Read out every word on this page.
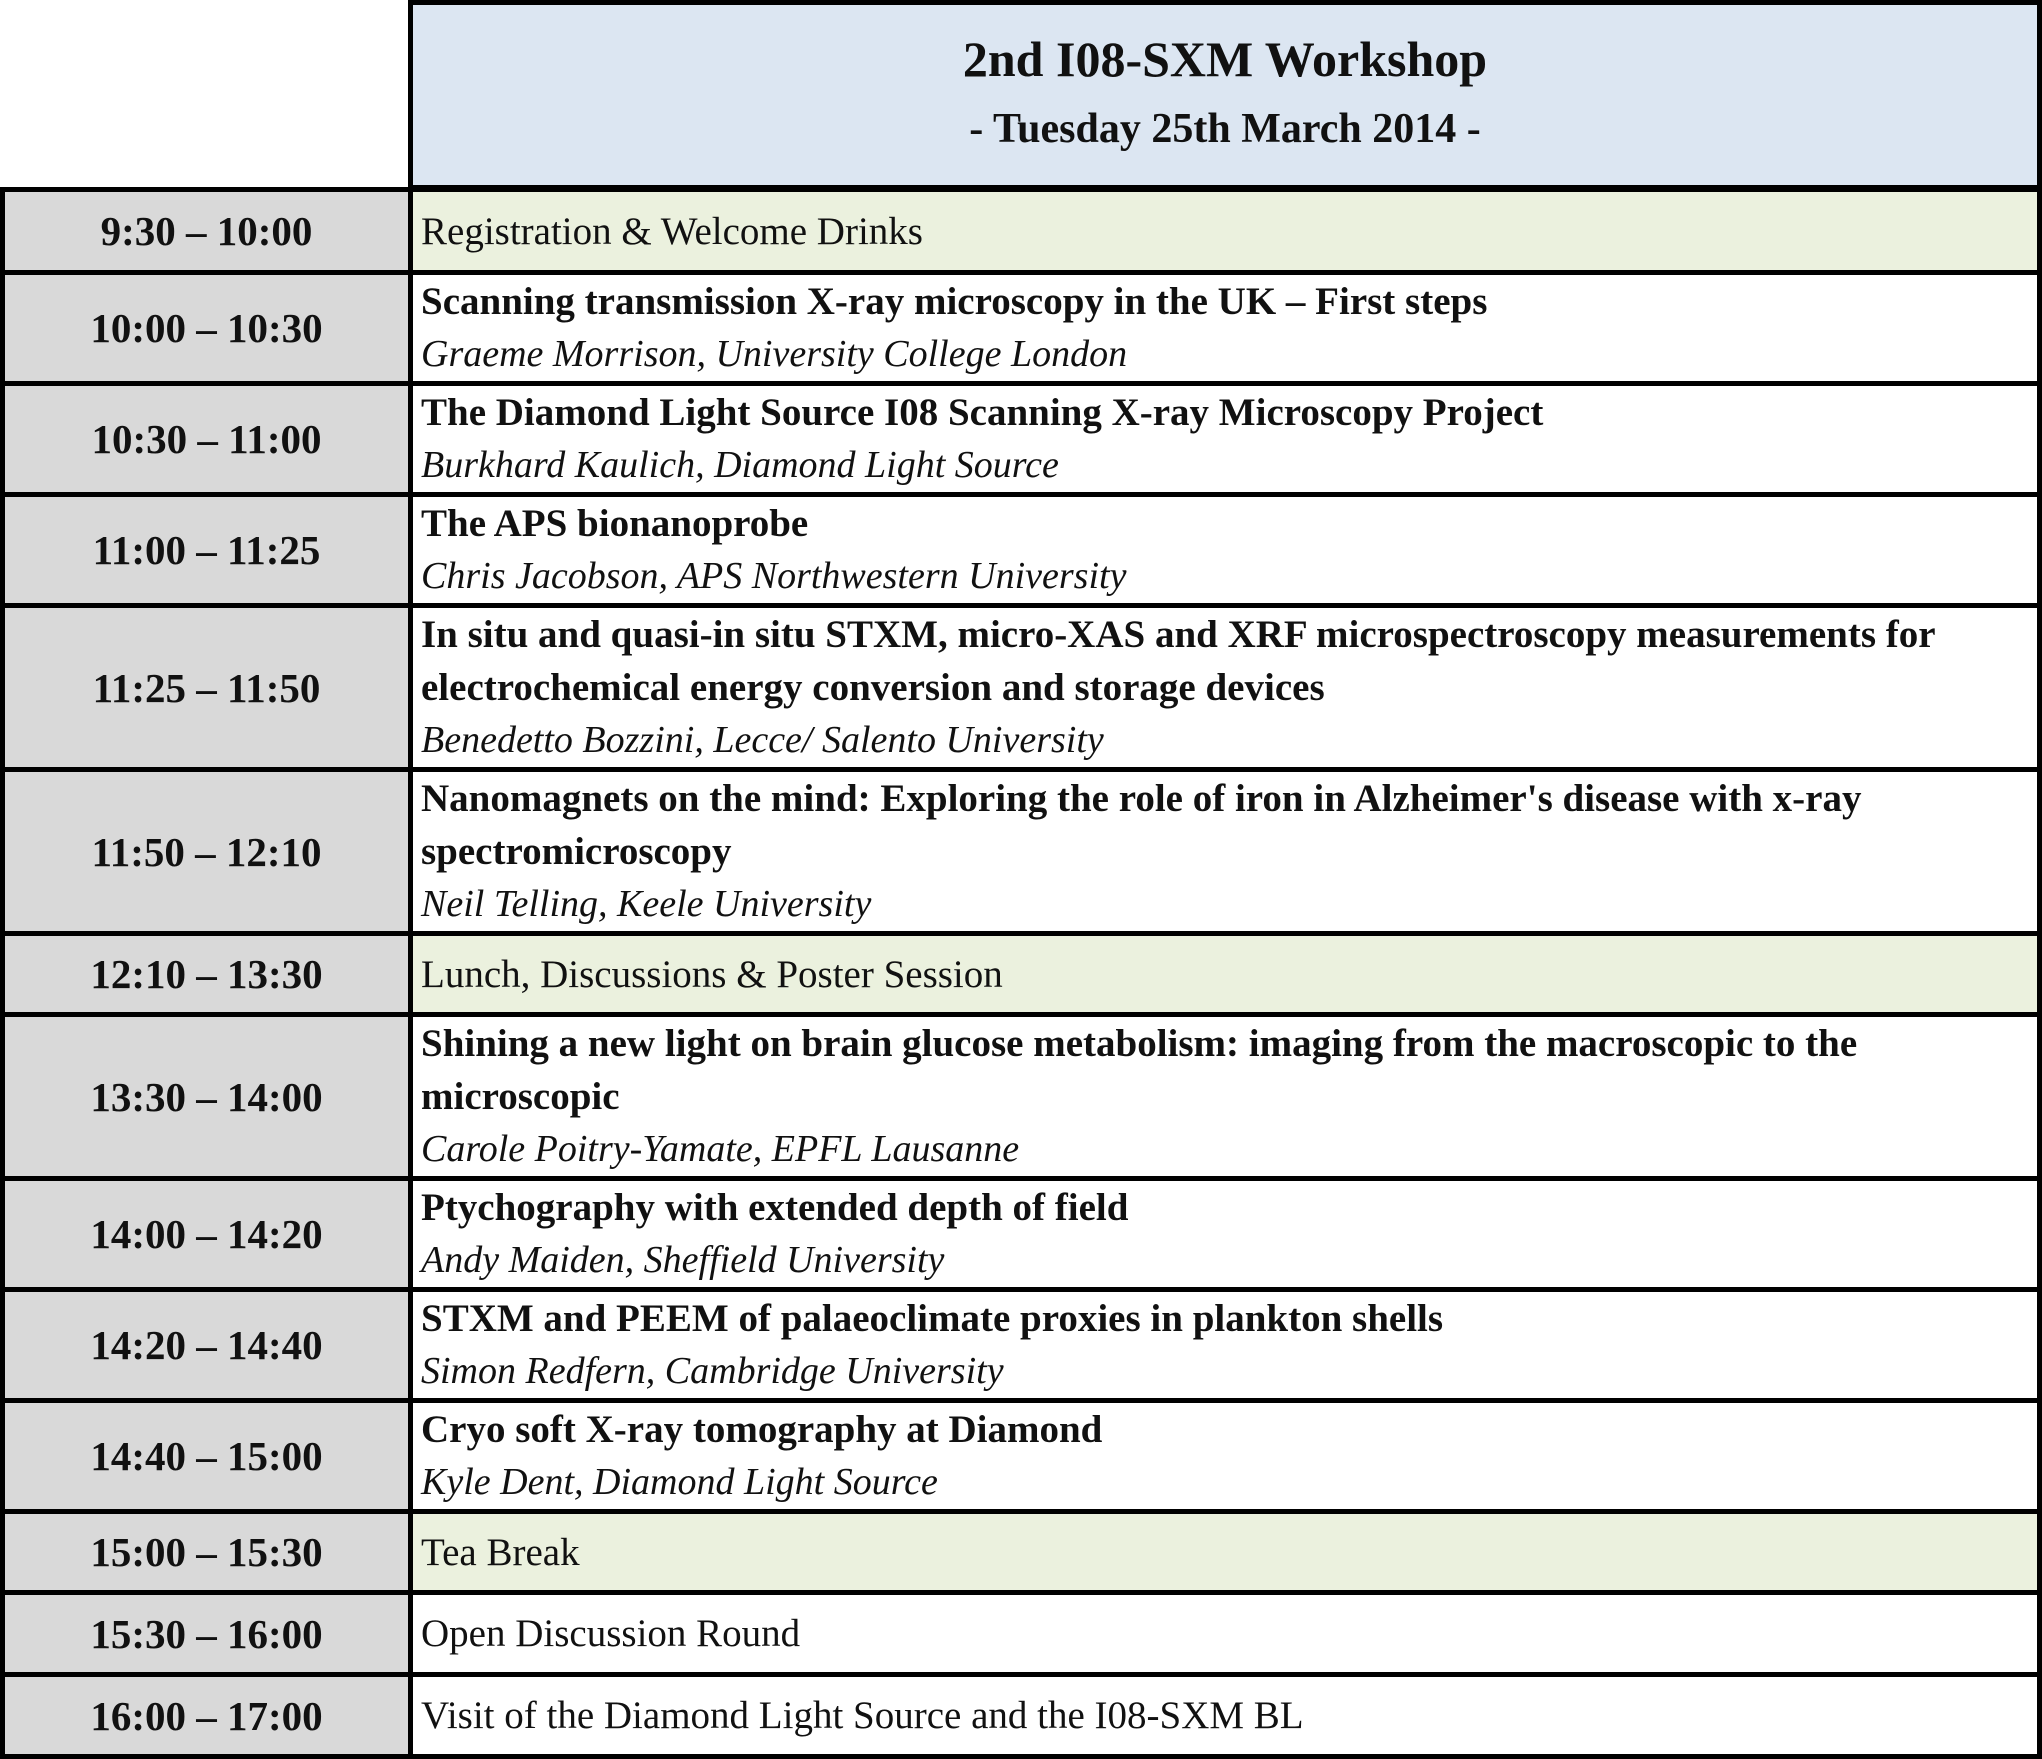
2nd I08-SXM Workshop
- Tuesday 25th March 2014 -
9:30 – 10:00	Registration & Welcome Drinks

10:00 – 10:30	Scanning transmission X-ray microscopy in the UK – First steps
Graeme Morrison, University College London

10:30 – 11:00	The Diamond Light Source I08 Scanning X-ray Microscopy Project
Burkhard Kaulich, Diamond Light Source

11:00 – 11:25	The APS bionanoprobe
Chris Jacobson, APS Northwestern University

11:25 – 11:50	In situ and quasi-in situ STXM, micro-XAS and XRF microspectroscopy measurements for electrochemical energy conversion and storage devices
Benedetto Bozzini, Lecce/ Salento University

11:50 – 12:10	Nanomagnets on the mind: Exploring the role of iron in Alzheimer's disease with x-ray spectromicroscopy
Neil Telling, Keele University

12:10 – 13:30	Lunch, Discussions & Poster Session

13:30 – 14:00	Shining a new light on brain glucose metabolism: imaging from the macroscopic to the microscopic
Carole Poitry-Yamate, EPFL Lausanne

14:00 – 14:20	Ptychography with extended depth of field
Andy Maiden, Sheffield University

14:20 – 14:40	STXM and PEEM of palaeoclimate proxies in plankton shells
Simon Redfern, Cambridge University

14:40 – 15:00	Cryo soft X-ray tomography at Diamond
Kyle Dent, Diamond Light Source

15:00 – 15:30	Tea Break

15:30 – 16:00	Open Discussion Round

16:00 – 17:00	Visit of the Diamond Light Source and the I08-SXM BL
